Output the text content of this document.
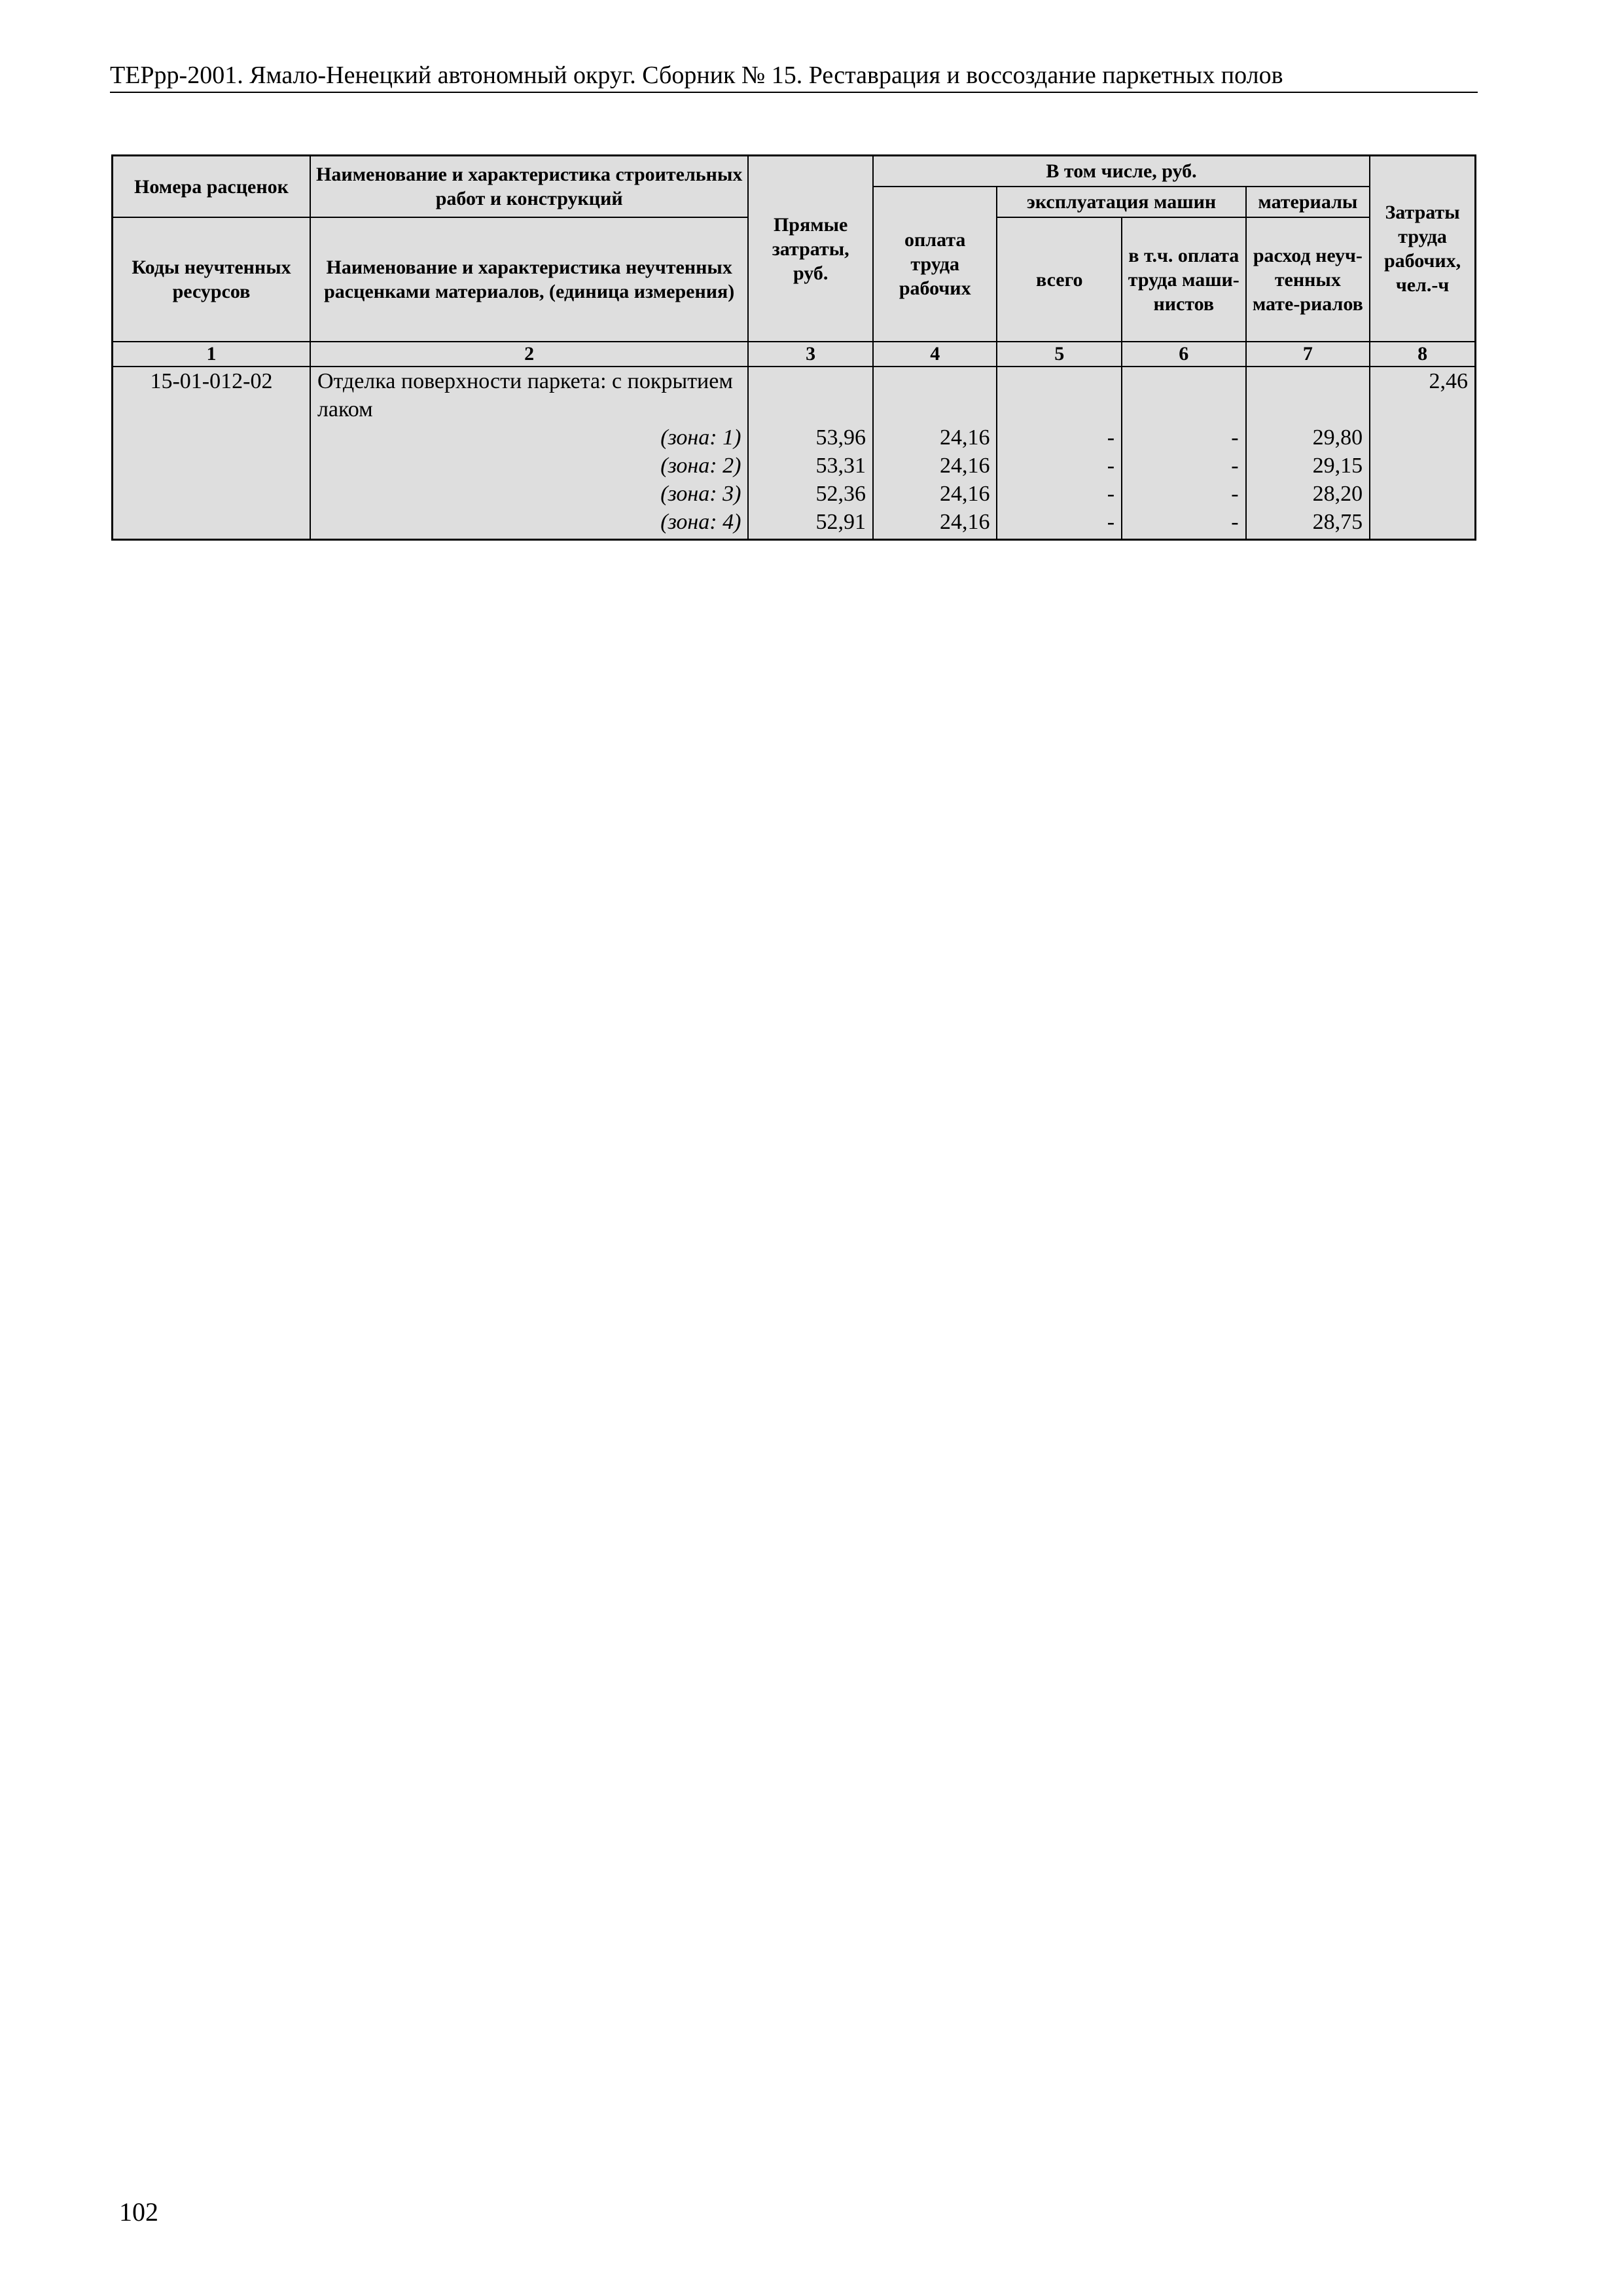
ТЕРрр-2001. Ямало-Ненецкий автономный округ. Сборник № 15. Реставрация и воссоздание паркетных полов
Номера расценок	Наименование и характеристика строительных работ и конструкций	Прямые затраты, руб.	В том числе, руб.				Затраты труда рабочих, чел.-ч
			оплата труда рабочих	эксплуатация машин		материалы	
Коды неучтенных ресурсов	Наименование и характеристика неучтенных расценками материалов, (единица измерения)			всего	в т.ч. оплата труда маши-нистов	расход неуч-тенных мате-риалов	

1	2	3	4	5	6	7	8
15-01-012-02	Отделка поверхности паркета: с покрытием лаком						2,46
	(зона: 1)	53,96	24,16	-	-	29,80	
	(зона: 2)	53,31	24,16	-	-	29,15	
	(зона: 3)	52,36	24,16	-	-	28,20	
	(зона: 4)	52,91	24,16	-	-	28,75	
102
